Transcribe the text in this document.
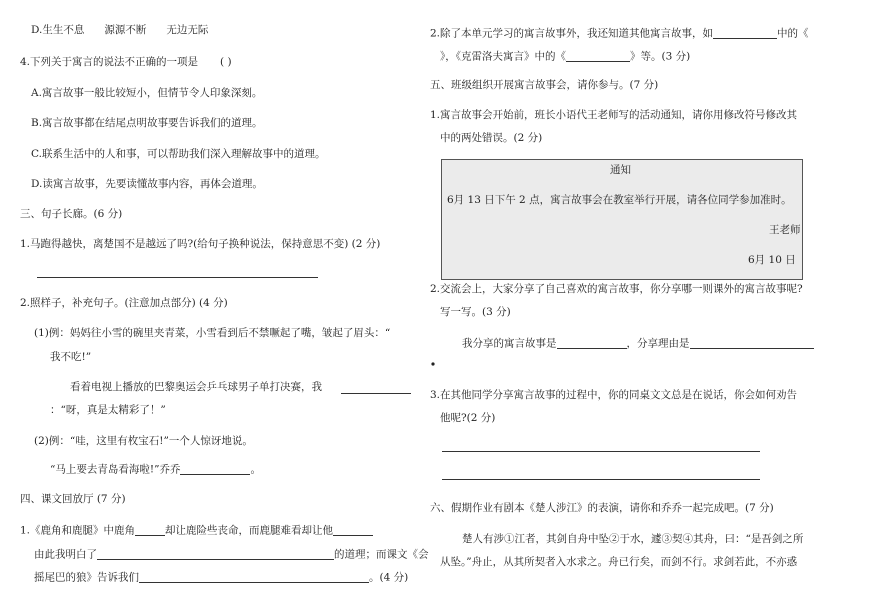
D.生生不息 源源不断 无边无际
4.下列关于寓言的说法不正确的一项是 ( )
A.寓言故事一般比较短小，但情节令人印象深刻。
B.寓言故事都在结尾点明故事要告诉我们的道理。
C.联系生活中的人和事，可以帮助我们深入理解故事中的道理。
D.读寓言故事，先要读懂故事内容，再体会道理。
三、句子长廊。(6 分)
1.马跑得越快，离楚国不是越远了吗?(给句子换种说法，保持意思不变) (2 分)
2.照样子，补充句子。(注意加点部分) (4 分)
(1)例：妈妈往小雪的碗里夹青菜，小雪看到后不禁噘起了嘴，皱起了眉头：“
我不吃!”
看着电视上播放的巴黎奥运会乒乓球男子单打决赛，我
：“呀，真是太精彩了！”
(2)例：“哇，这里有枚宝石!”一个人惊讶地说。
“马上要去青岛看海啦!”乔乔	。
四、课文回放厅 (7 分)
1.《鹿角和鹿腿》中鹿角	却让鹿险些丧命，而鹿腿难看却让他
由此我明白了	的道理；而课文《会
摇尾巴的狼》告诉我们	。(4 分)
2.除了本单元学习的寓言故事外，我还知道其他寓言故事，如	中的《
》，《克雷洛夫寓言》中的《	》等。(3 分)
五、班级组织开展寓言故事会，请你参与。(7 分)
1.寓言故事会开始前，班长小语代王老师写的活动通知，请你用修改符号修改其
中的两处错误。(2 分)
通知
6月 13 日下午 2 点，寓言故事会在教室举行开展，请各位同学参加准时。
王老师
6月 10 日
2.交流会上，大家分享了自己喜欢的寓言故事，你分享哪一则课外的寓言故事呢?
写一写。(3 分)
我分享的寓言故事是	，分享理由是
3.在其他同学分享寓言故事的过程中，你的同桌文文总是在说话，你会如何劝告
他呢?(2 分)
六、假期作业有剧本《楚人涉江》的表演，请你和乔乔一起完成吧。(7 分)
楚人有涉①江者，其剑自舟中坠②于水，遽③契④其舟，曰：“是吾剑之所
从坠。”舟止，从其所契者入水求之。舟已行矣，而剑不行。求剑若此，不亦惑
